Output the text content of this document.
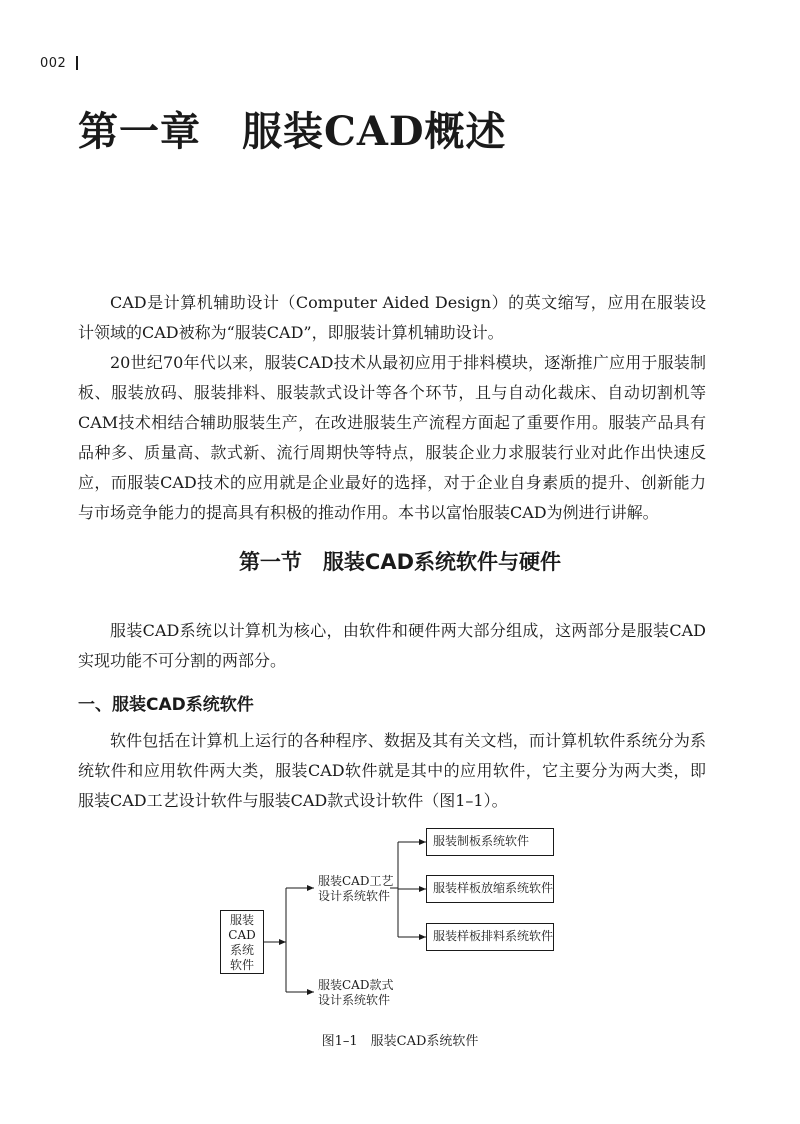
002
第一章　服装CAD概述

CAD是计算机辅助设计（Computer Aided Design）的英文缩写，应用在服装设计领域的CAD被称为“服装CAD”，即服装计算机辅助设计。

20世纪70年代以来，服装CAD技术从最初应用于排料模块，逐渐推广应用于服装制板、服装放码、服装排料、服装款式设计等各个环节，且与自动化裁床、自动切割机等CAM技术相结合辅助服装生产，在改进服装生产流程方面起了重要作用。服装产品具有品种多、质量高、款式新、流行周期快等特点，服装企业力求服装行业对此作出快速反应，而服装CAD技术的应用就是企业最好的选择，对于企业自身素质的提升、创新能力与市场竞争能力的提高具有积极的推动作用。本书以富怡服装CAD为例进行讲解。

第一节　服装CAD系统软件与硬件

服装CAD系统以计算机为核心，由软件和硬件两大部分组成，这两部分是服装CAD实现功能不可分割的两部分。

一、服装CAD系统软件

软件包括在计算机上运行的各种程序、数据及其有关文档，而计算机软件系统分为系统软件和应用软件两大类，服装CAD软件就是其中的应用软件，它主要分为两大类，即服装CAD工艺设计软件与服装CAD款式设计软件（图1–1）。

服装
CAD
系统
软件
服装CAD工艺
设计系统软件
服装CAD款式
设计系统软件
服装制板系统软件
服装样板放缩系统软件
服装样板排料系统软件

图1–1　服装CAD系统软件
